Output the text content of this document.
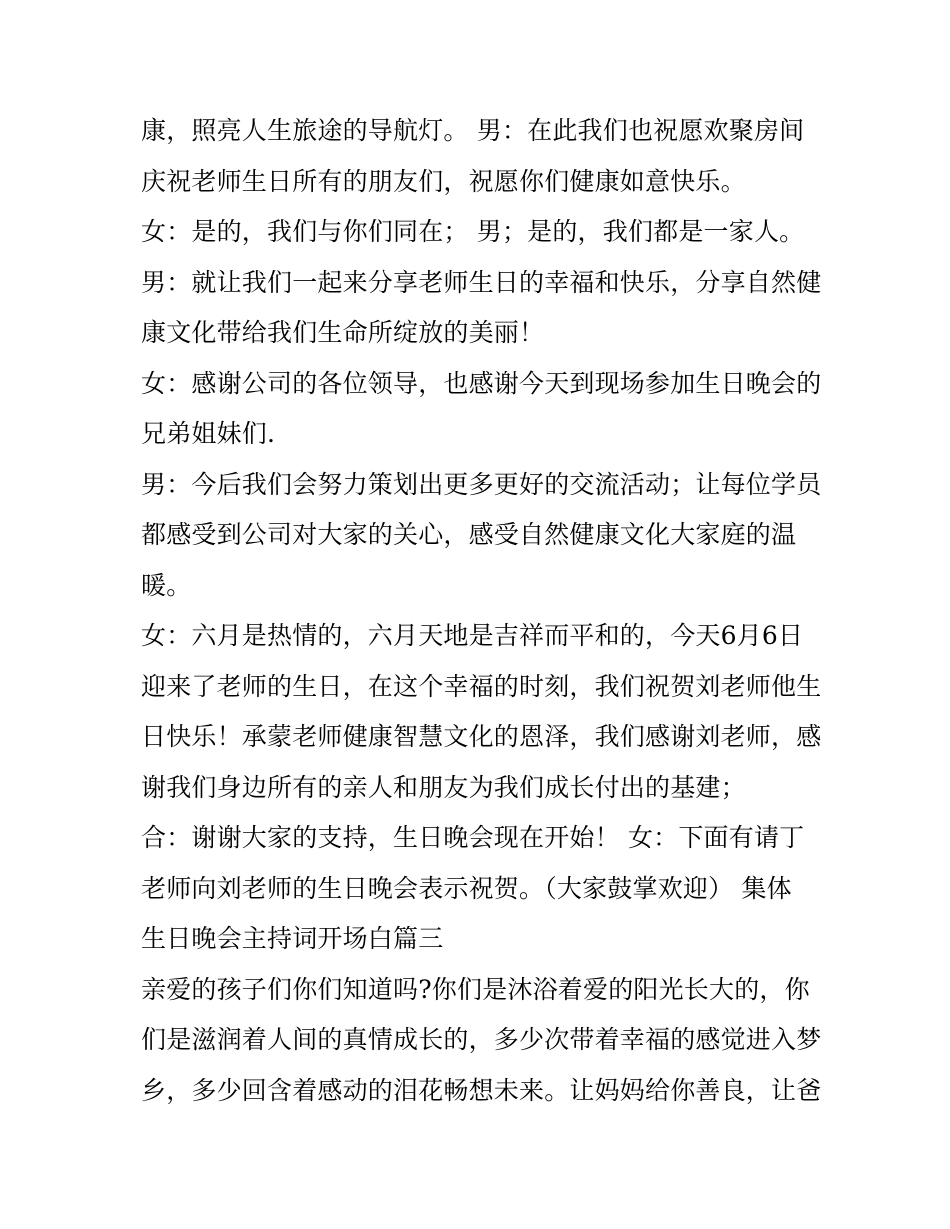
康，照亮人生旅途的导航灯。 男：在此我们也祝愿欢聚房间
庆祝老师生日所有的朋友们，祝愿你们健康如意快乐。
女：是的，我们与你们同在； 男；是的，我们都是一家人。
男：就让我们一起来分享老师生日的幸福和快乐，分享自然健
康文化带给我们生命所绽放的美丽！
女：感谢公司的各位领导，也感谢今天到现场参加生日晚会的
兄弟姐妹们.
男：今后我们会努力策划出更多更好的交流活动；让每位学员
都感受到公司对大家的关心，感受自然健康文化大家庭的温
暖。
女：六月是热情的，六月天地是吉祥而平和的，今天6月6日
迎来了老师的生日，在这个幸福的时刻，我们祝贺刘老师他生
日快乐！承蒙老师健康智慧文化的恩泽，我们感谢刘老师，感
谢我们身边所有的亲人和朋友为我们成长付出的基建；
合：谢谢大家的支持，生日晚会现在开始！ 女：下面有请丁
老师向刘老师的生日晚会表示祝贺。（大家鼓掌欢迎） 集体
生日晚会主持词开场白篇三
亲爱的孩子们你们知道吗?你们是沐浴着爱的阳光长大的，你
们是滋润着人间的真情成长的，多少次带着幸福的感觉进入梦
乡，多少回含着感动的泪花畅想未来。让妈妈给你善良，让爸
